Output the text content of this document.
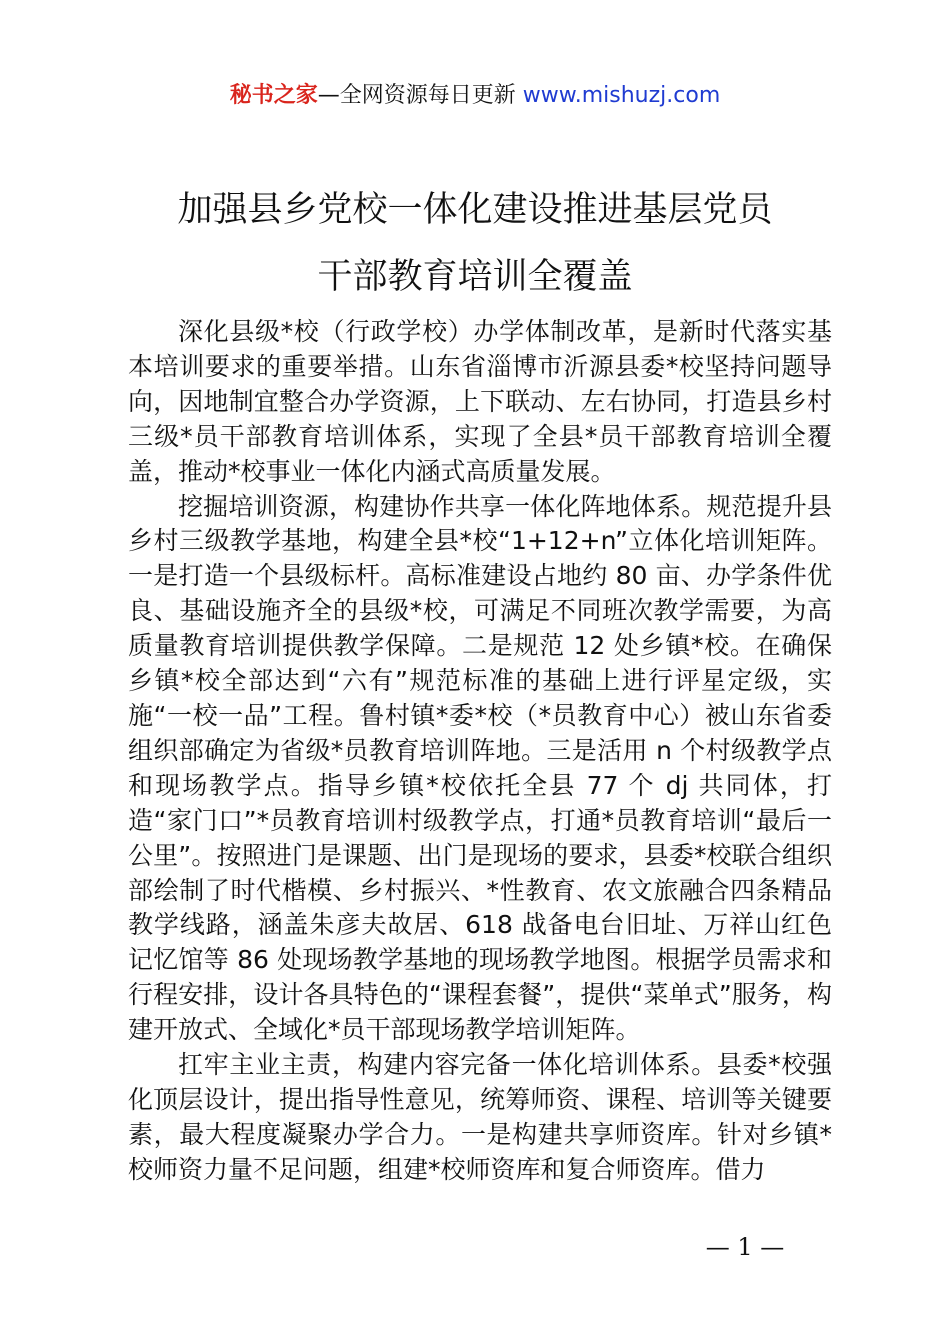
秘书之家—全网资源每日更新 www.mishuzj.com
加强县乡党校一体化建设推进基层党员
干部教育培训全覆盖

深化县级*校（行政学校）办学体制改革，是新时代落实基本培训要求的重要举措。山东省淄博市沂源县委*校坚持问题导向，因地制宜整合办学资源，上下联动、左右协同，打造县乡村三级*员干部教育培训体系，实现了全县*员干部教育培训全覆盖，推动*校事业一体化内涵式高质量发展。

挖掘培训资源，构建协作共享一体化阵地体系。规范提升县乡村三级教学基地，构建全县*校“1+12+n”立体化培训矩阵。一是打造一个县级标杆。高标准建设占地约 80 亩、办学条件优良、基础设施齐全的县级*校，可满足不同班次教学需要，为高质量教育培训提供教学保障。二是规范 12 处乡镇*校。在确保乡镇*校全部达到“六有”规范标准的基础上进行评星定级，实施“一校一品”工程。鲁村镇*委*校（*员教育中心）被山东省委组织部确定为省级*员教育培训阵地。三是活用 n 个村级教学点和现场教学点。指导乡镇*校依托全县 77 个 dj 共同体，打造“家门口”*员教育培训村级教学点，打通*员教育培训“最后一公里”。按照进门是课题、出门是现场的要求，县委*校联合组织部绘制了时代楷模、乡村振兴、*性教育、农文旅融合四条精品教学线路，涵盖朱彦夫故居、618 战备电台旧址、万祥山红色记忆馆等 86 处现场教学基地的现场教学地图。根据学员需求和行程安排，设计各具特色的“课程套餐”，提供“菜单式”服务，构建开放式、全域化*员干部现场教学培训矩阵。

扛牢主业主责，构建内容完备一体化培训体系。县委*校强化顶层设计，提出指导性意见，统筹师资、课程、培训等关键要素，最大程度凝聚办学合力。一是构建共享师资库。针对乡镇*校师资力量不足问题，组建*校师资库和复合师资库。借力

— 1 —
